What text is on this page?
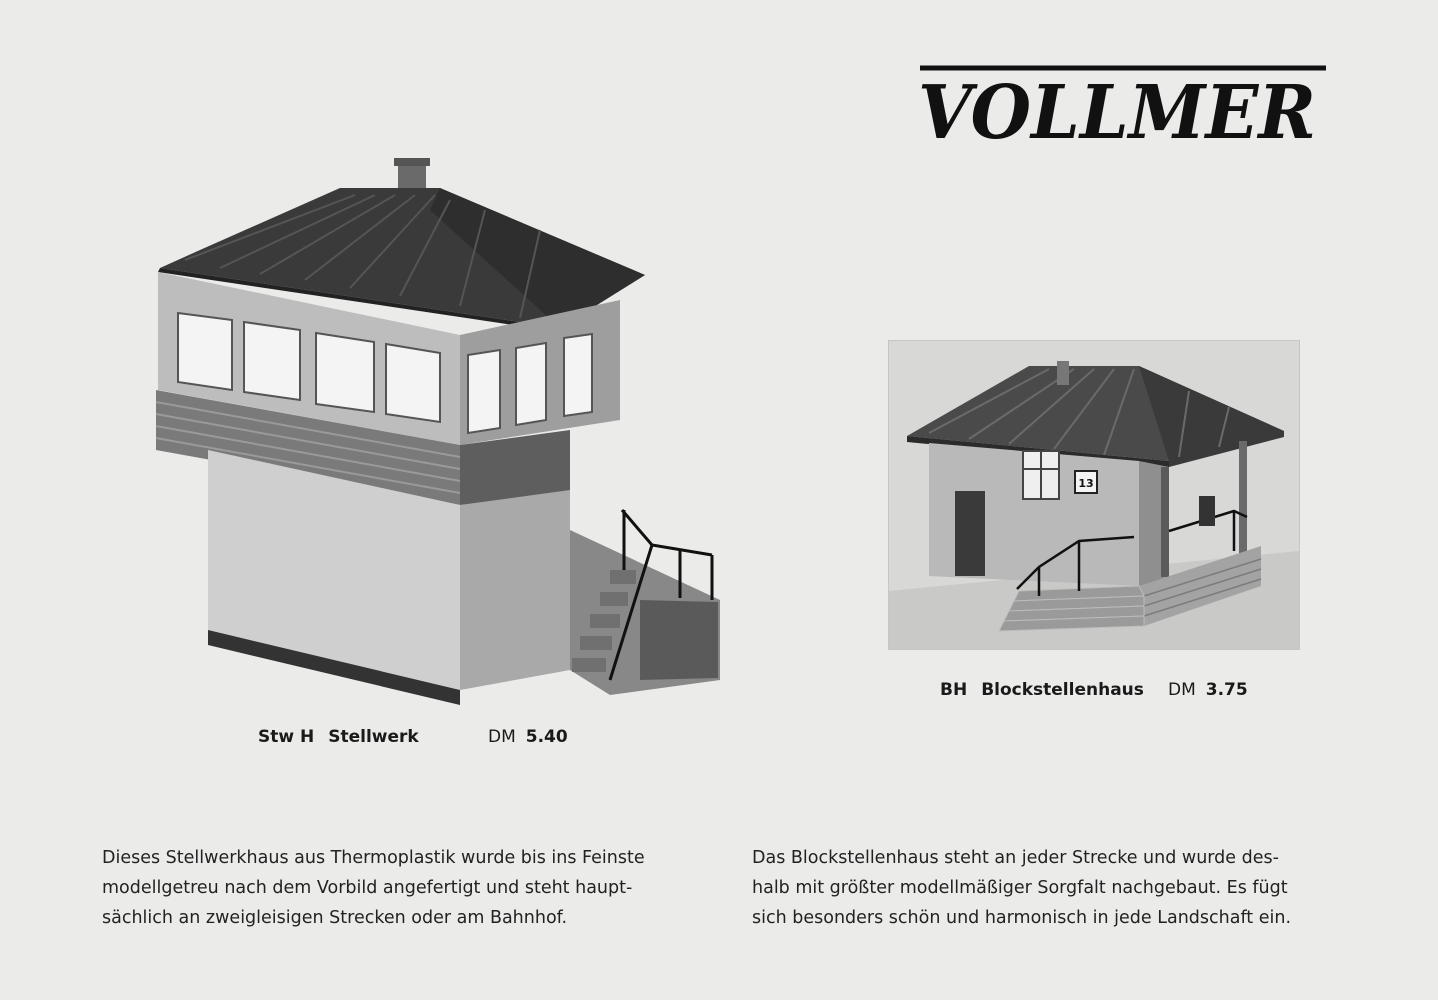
VOLLMER
13
Stw H Stellwerk	DM 5.40
BH Blockstellenhaus DM 3.75

Dieses Stellwerkhaus aus Thermoplastik wurde bis ins Feinste

modellgetreu nach dem Vorbild angefertigt und steht haupt-

sächlich an zweigleisigen Strecken oder am Bahnhof.

Das Blockstellenhaus steht an jeder Strecke und wurde des-

halb mit größter modellmäßiger Sorgfalt nachgebaut. Es fügt

sich besonders schön und harmonisch in jede Landschaft ein.
